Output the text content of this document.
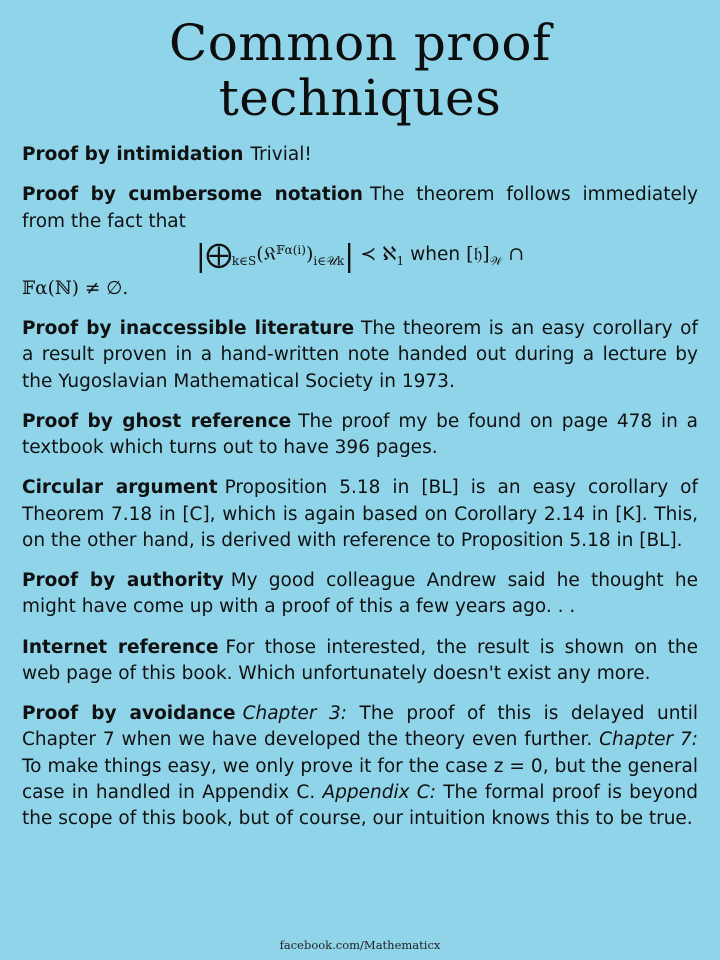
Common proof techniques

Proof by intimidation Trivial!

Proof by cumbersome notation The theorem follows immediately from the fact that
$|⨁_{k\in S}(𝔎^{𝔽\alpha(i)})_{i\in 𝒰k}|$ ≺ ℵ$_1$ when $[𝔥]_𝒲$ ∩
𝔽α(ℕ) ≠ ∅.

Proof by inaccessible literature The theorem is an easy corollary of a result proven in a hand-written note handed out during a lecture by the Yugoslavian Mathematical Society in 1973.

Proof by ghost reference The proof my be found on page 478 in a textbook which turns out to have 396 pages.

Circular argument Proposition 5.18 in [BL] is an easy corollary of Theorem 7.18 in [C], which is again based on Corollary 2.14 in [K]. This, on the other hand, is derived with reference to Proposition 5.18 in [BL].

Proof by authority My good colleague Andrew said he thought he might have come up with a proof of this a few years ago. . .

Internet reference For those interested, the result is shown on the web page of this book. Which unfortunately doesn't exist any more.

Proof by avoidance Chapter 3: The proof of this is delayed until Chapter 7 when we have developed the theory even further. Chapter 7: To make things easy, we only prove it for the case z = 0, but the general case in handled in Appendix C. Appendix C: The formal proof is beyond the scope of this book, but of course, our intuition knows this to be true.

facebook.com/Mathematicx
